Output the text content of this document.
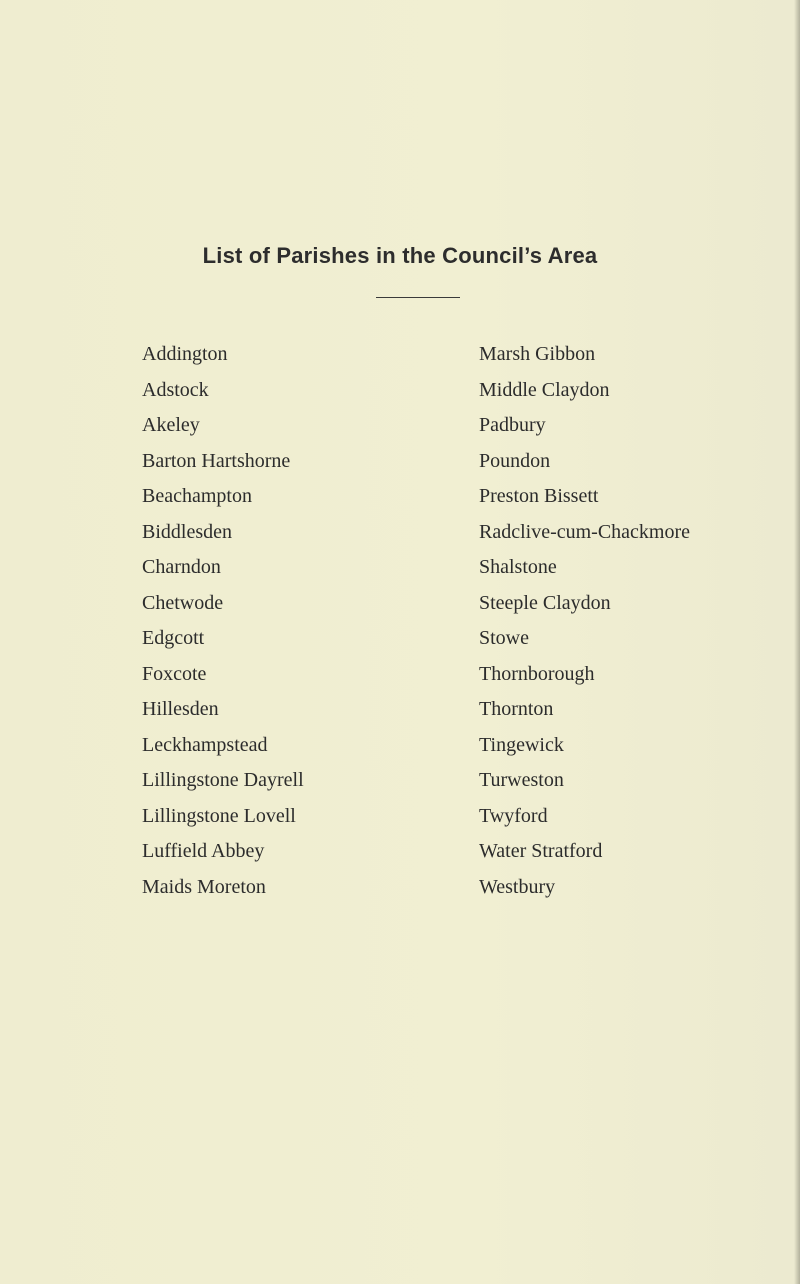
List of Parishes in the Council’s Area
Addington
Adstock
Akeley
Barton Hartshorne
Beachampton
Biddlesden
Charndon
Chetwode
Edgcott
Foxcote
Hillesden
Leckhampstead
Lillingstone Dayrell
Lillingstone Lovell
Luffield Abbey
Maids Moreton
Marsh Gibbon
Middle Claydon
Padbury
Poundon
Preston Bissett
Radclive-cum-Chackmore
Shalstone
Steeple Claydon
Stowe
Thornborough
Thornton
Tingewick
Turweston
Twyford
Water Stratford
Westbury
